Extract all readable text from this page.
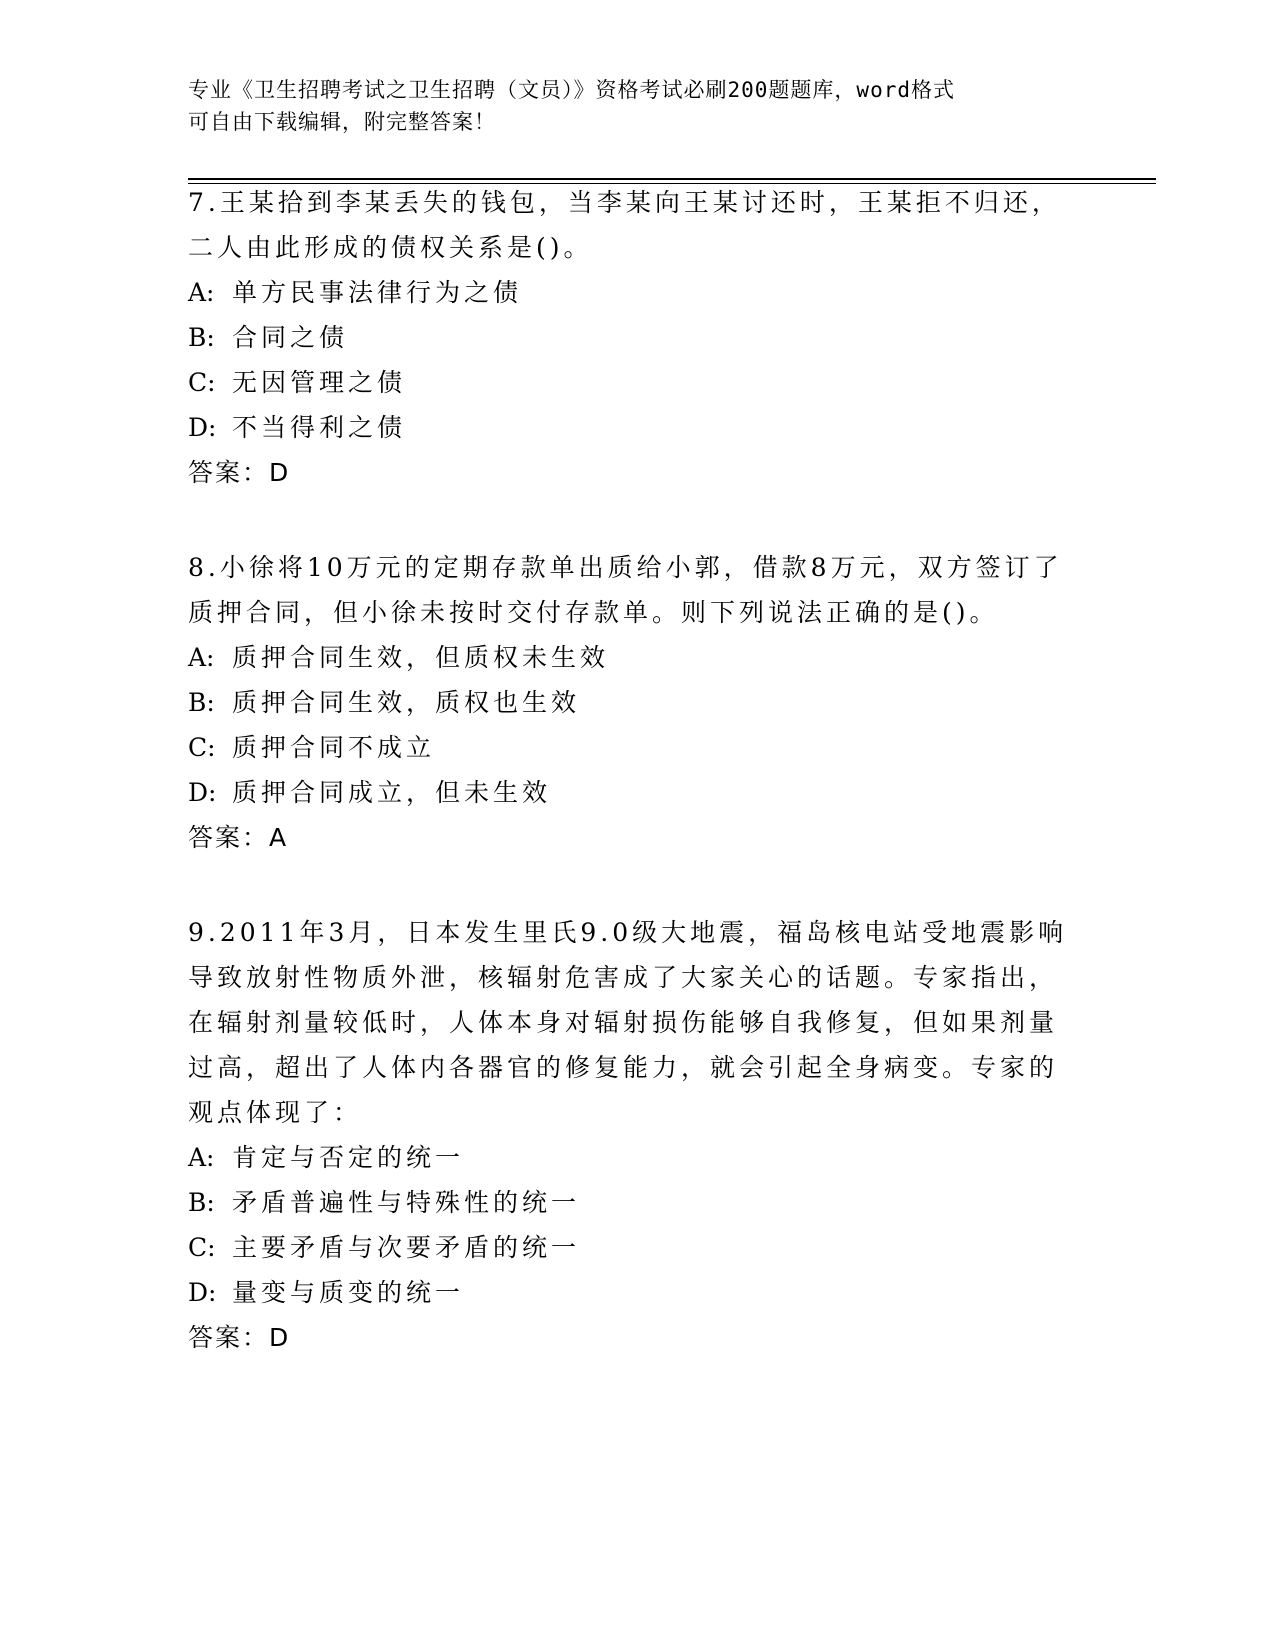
专业《卫生招聘考试之卫生招聘（文员）》资格考试必刷200题题库，word格式
可自由下载编辑，附完整答案！
7.王某拾到李某丢失的钱包，当李某向王某讨还时，王某拒不归还，
二人由此形成的债权关系是()。
A: 单方民事法律行为之债
B: 合同之债
C: 无因管理之债
D: 不当得利之债
答案：D
8.小徐将10万元的定期存款单出质给小郭，借款8万元，双方签订了
质押合同，但小徐未按时交付存款单。则下列说法正确的是()。
A: 质押合同生效，但质权未生效
B: 质押合同生效，质权也生效
C: 质押合同不成立
D: 质押合同成立，但未生效
答案：A
9.2011年3月，日本发生里氏9.0级大地震，福岛核电站受地震影响
导致放射性物质外泄，核辐射危害成了大家关心的话题。专家指出，
在辐射剂量较低时，人体本身对辐射损伤能够自我修复，但如果剂量
过高，超出了人体内各器官的修复能力，就会引起全身病变。专家的
观点体现了：
A: 肯定与否定的统一
B: 矛盾普遍性与特殊性的统一
C: 主要矛盾与次要矛盾的统一
D: 量变与质变的统一
答案：D
